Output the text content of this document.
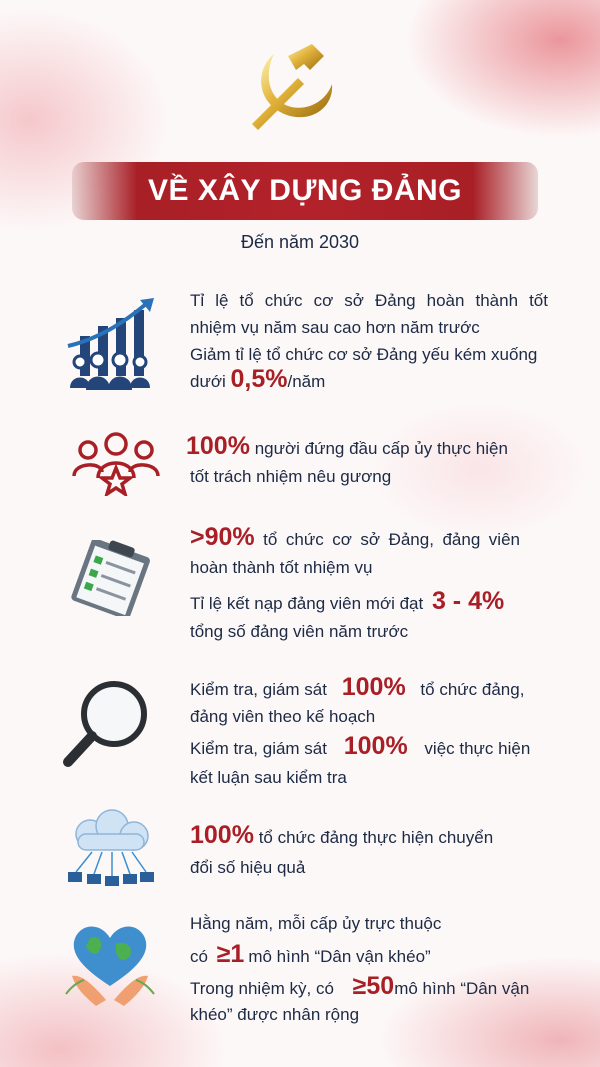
VỀ XÂY DỰNG ĐẢNG
Đến năm 2030
Tỉ lệ tổ chức cơ sở Đảng hoàn thành tốt
nhiệm vụ năm sau cao hơn năm trước
Giảm tỉ lệ tổ chức cơ sở Đảng yếu kém xuống
dưới 0,5%/năm
100% người đứng đầu cấp ủy thực hiện
tốt trách nhiệm nêu gương
>90% tổ chức cơ sở Đảng, đảng viên
hoàn thành tốt nhiệm vụ
Tỉ lệ kết nạp đảng viên mới đạt 3 - 4%
tổng số đảng viên năm trước
Kiểm tra, giám sát 100% tổ chức đảng,
đảng viên theo kế hoạch
Kiểm tra, giám sát 100% việc thực hiện
kết luận sau kiểm tra
100% tổ chức đảng thực hiện chuyển
đổi số hiệu quả
Hằng năm, mỗi cấp ủy trực thuộc
có ≥1 mô hình “Dân vận khéo”
Trong nhiệm kỳ, có ≥50mô hình “Dân vận
khéo” được nhân rộng
